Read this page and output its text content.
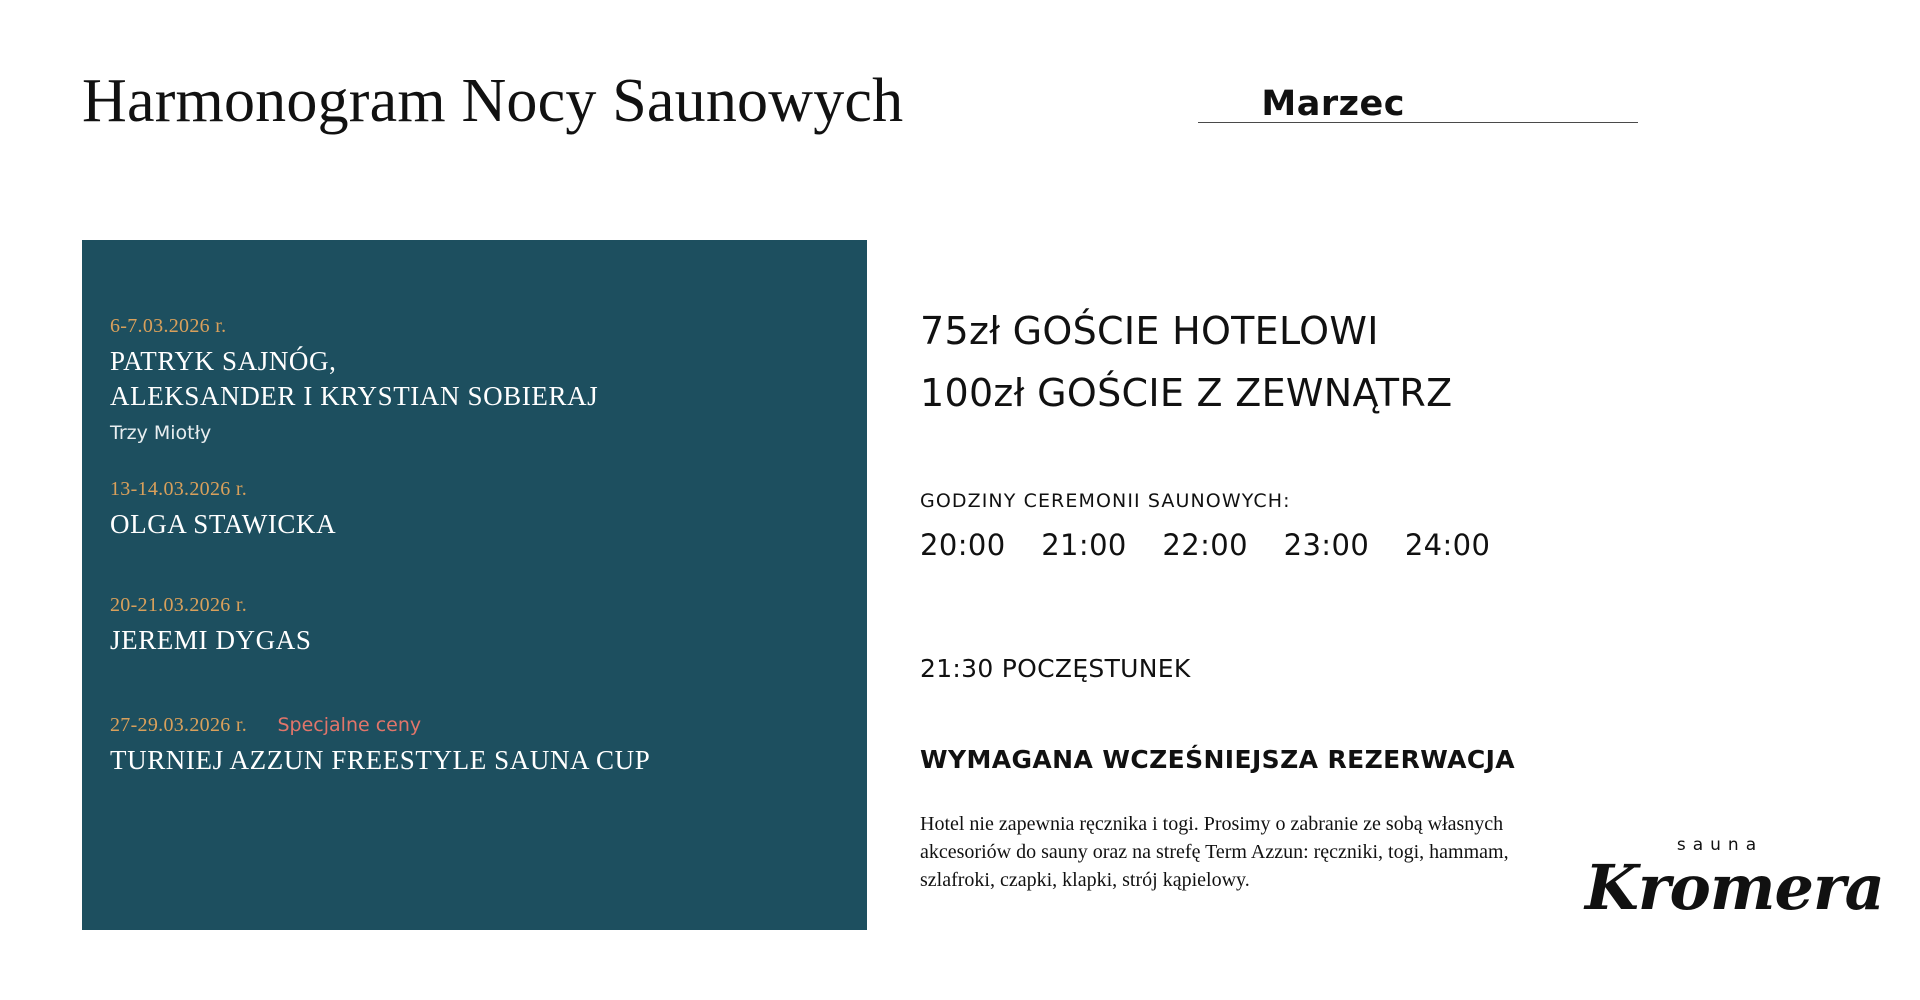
Harmonogram Nocy Saunowych	Marzec
6-7.03.2026 r.
PATRYK SAJNÓG,
ALEKSANDER I KRYSTIAN SOBIERAJ
Trzy Miotły
13-14.03.2026 r.
OLGA STAWICKA
20-21.03.2026 r.
JEREMI DYGAS
27-29.03.2026 r. Specjalne ceny
TURNIEJ AZZUN FREESTYLE SAUNA CUP
75zł GOŚCIE HOTELOWI
100zł GOŚCIE Z ZEWNĄTRZ
GODZINY CEREMONII SAUNOWYCH:
20:00 21:00 22:00 23:00 24:00
21:30 POCZĘSTUNEK
WYMAGANA WCZEŚNIEJSZA REZERWACJA
Hotel nie zapewnia ręcznika i togi. Prosimy o zabranie ze sobą własnych akcesoriów do sauny oraz na strefę Term Azzun: ręczniki, togi, hammam, szlafroki, czapki, klapki, strój kąpielowy.
sauna
Kromera
